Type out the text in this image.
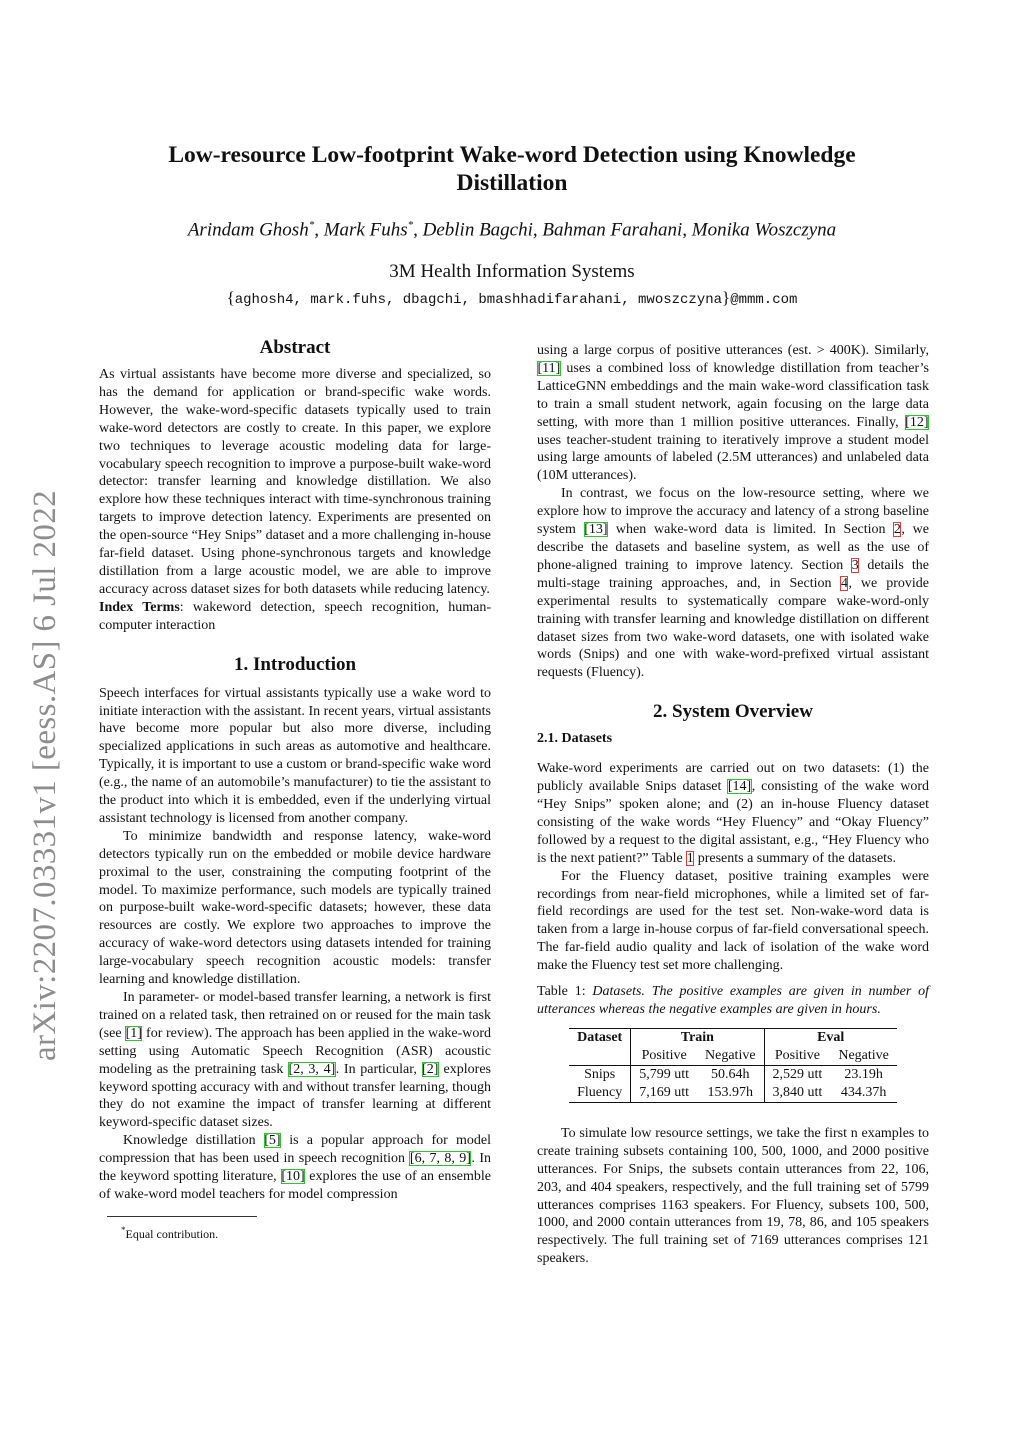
arXiv:2207.03331v1 [eess.AS] 6 Jul 2022
Low-resource Low-footprint Wake-word Detection using Knowledge Distillation

Arindam Ghosh*, Mark Fuhs*, Deblin Bagchi, Bahman Farahani, Monika Woszczyna

3M Health Information Systems

{aghosh4, mark.fuhs, dbagchi, bmashhadifarahani, mwoszczyna}@mmm.com

Abstract

As virtual assistants have become more diverse and specialized, so has the demand for application or brand-specific wake words. However, the wake-word-specific datasets typically used to train wake-word detectors are costly to create. In this paper, we explore two techniques to leverage acoustic modeling data for large-vocabulary speech recognition to improve a purpose-built wake-word detector: transfer learning and knowledge distillation. We also explore how these techniques interact with time-synchronous training targets to improve detection latency. Experiments are presented on the open-source “Hey Snips” dataset and a more challenging in-house far-field dataset. Using phone-synchronous targets and knowledge distillation from a large acoustic model, we are able to improve accuracy across dataset sizes for both datasets while reducing latency.

Index Terms: wakeword detection, speech recognition, human-computer interaction

1. Introduction

Speech interfaces for virtual assistants typically use a wake word to initiate interaction with the assistant. In recent years, virtual assistants have become more popular but also more diverse, including specialized applications in such areas as automotive and healthcare. Typically, it is important to use a custom or brand-specific wake word (e.g., the name of an automobile’s manufacturer) to tie the assistant to the product into which it is embedded, even if the underlying virtual assistant technology is licensed from another company.

To minimize bandwidth and response latency, wake-word detectors typically run on the embedded or mobile device hardware proximal to the user, constraining the computing footprint of the model. To maximize performance, such models are typically trained on purpose-built wake-word-specific datasets; however, these data resources are costly. We explore two approaches to improve the accuracy of wake-word detectors using datasets intended for training large-vocabulary speech recognition acoustic models: transfer learning and knowledge distillation.

In parameter- or model-based transfer learning, a network is first trained on a related task, then retrained on or reused for the main task (see [1] for review). The approach has been applied in the wake-word setting using Automatic Speech Recognition (ASR) acoustic modeling as the pretraining task [2, 3, 4]. In particular, [2] explores keyword spotting accuracy with and without transfer learning, though they do not examine the impact of transfer learning at different keyword-specific dataset sizes.

Knowledge distillation [5] is a popular approach for model compression that has been used in speech recognition [6, 7, 8, 9]. In the keyword spotting literature, [10] explores the use of an ensemble of wake-word model teachers for model compression

*Equal contribution.

using a large corpus of positive utterances (est. > 400K). Similarly, [11] uses a combined loss of knowledge distillation from teacher’s LatticeGNN embeddings and the main wake-word classification task to train a small student network, again focusing on the large data setting, with more than 1 million positive utterances. Finally, [12] uses teacher-student training to iteratively improve a student model using large amounts of labeled (2.5M utterances) and unlabeled data (10M utterances).

In contrast, we focus on the low-resource setting, where we explore how to improve the accuracy and latency of a strong baseline system [13] when wake-word data is limited. In Section 2, we describe the datasets and baseline system, as well as the use of phone-aligned training to improve latency. Section 3 details the multi-stage training approaches, and, in Section 4, we provide experimental results to systematically compare wake-word-only training with transfer learning and knowledge distillation on different dataset sizes from two wake-word datasets, one with isolated wake words (Snips) and one with wake-word-prefixed virtual assistant requests (Fluency).

2. System Overview
2.1. Datasets

Wake-word experiments are carried out on two datasets: (1) the publicly available Snips dataset [14], consisting of the wake word “Hey Snips” spoken alone; and (2) an in-house Fluency dataset consisting of the wake words “Hey Fluency” and “Okay Fluency” followed by a request to the digital assistant, e.g., “Hey Fluency who is the next patient?” Table 1 presents a summary of the datasets.

For the Fluency dataset, positive training examples were recordings from near-field microphones, while a limited set of far-field recordings are used for the test set. Non-wake-word data is taken from a large in-house corpus of far-field conversational speech. The far-field audio quality and lack of isolation of the wake word make the Fluency test set more challenging.

Table 1: Datasets. The positive examples are given in number of utterances whereas the negative examples are given in hours.

Dataset	Train		Eval	
	Positive	Negative	Positive	Negative
Snips	5,799 utt	50.64h	2,529 utt	23.19h
Fluency	7,169 utt	153.97h	3,840 utt	434.37h

To simulate low resource settings, we take the first n examples to create training subsets containing 100, 500, 1000, and 2000 positive utterances. For Snips, the subsets contain utterances from 22, 106, 203, and 404 speakers, respectively, and the full training set of 5799 utterances comprises 1163 speakers. For Fluency, subsets 100, 500, 1000, and 2000 contain utterances from 19, 78, 86, and 105 speakers respectively. The full training set of 7169 utterances comprises 121 speakers.
